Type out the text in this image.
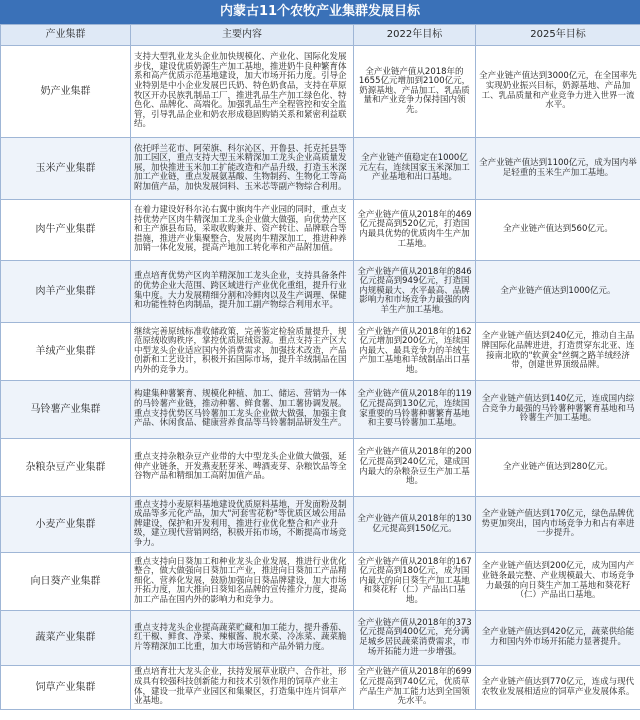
内蒙古11个农牧产业集群发展目标
产业集群	主要内容	2022年目标	2025年目标
奶产业集群	支持大型乳业龙头企业加快规模化、产业化、国际化发展步伐，建设优质奶源生产加工基地，推进奶牛良种繁育体系和高产优质示范基地建设，加大市场开拓力度。引导企业特别是中小企业发展巴氏奶、特色奶食品，支持在草原牧区开办民族乳制品工厂，推进乳品生产加工绿色化、特色化、品牌化、高端化。加强乳品生产全程管控和安全监管，引导乳品企业和奶农形成稳固购销关系和紧密利益联结。	全产业链产值从2018年的1655亿元增加到2100亿元，奶源基地、产品加工、乳品质量和产业竞争力保持国内领先。	全产业链产值达到3000亿元，在全国率先实现奶业振兴目标，奶源基地、产品加工、乳品质量和产业竞争力进入世界一流水平。
玉米产业集群	依托呼兰花市、阿荣旗、科尔沁区、开鲁县、托克托县等加工园区，重点支持大型玉米精深加工龙头企业高质量发展，加快推进玉米加工扩能改造和产品升级，打造玉米深加工产业链，重点发展氨基酸、生物制药、生物化工等高附加值产品，加快发展饲料、玉米芯等副产物综合利用。	全产业链产值稳定在1000亿元左右，连续国家玉米深加工产业基地和出口基地。	全产业链产值达到1100亿元，成为国内举足轻重的玉米生产加工基地。
肉牛产业集群	在着力建设好科尔沁右翼中旗肉牛产业园的同时，重点支持优势产区肉牛精深加工龙头企业做大做强，向优势产区和主产旗县布局，采取收购兼并、资产转让、品牌联合等措施，推进产业集聚整合，发展肉牛精深加工，推进种养加销一体化发展，提高产地加工转化率和产品附加值。	全产业链产值从2018年的469亿元提高到520亿元，打造国内最具优势的优质肉牛生产加工基地。	全产业链产值达到560亿元。
肉羊产业集群	重点培育优势产区肉羊精深加工龙头企业，支持具备条件的优势企业大范围、跨区域进行产业优化重组，提升行业集中度。大力发展精细分割和冷鲜肉以及生产调理、保健和功能性特色肉制品，提升加工副产物综合利用水平。	全产业链产值从2018年的846亿元提高到949亿元，打造国内规模最大、水平最高、品牌影响力和市场竞争力最强的肉羊生产加工基地。	全产业链产值达到1000亿元。
羊绒产业集群	继续完善原绒标准收储政策，完善鉴定检验质量提升，规范原绒收购秩序，掌控优质原绒资源。重点支持主产区大中型龙头企业适应国内外消费需求，加强技术改造，产品创新和工艺设计，积极开拓国际市场，提升羊绒制品在国内外的竞争力。	全产业链产值从2018年的162亿元增加到200亿元，连续国内最大、最具竞争力的羊绒生产加工基地和羊绒制品出口基地。	全产业链产值达到240亿元，推动自主品牌国际化品牌进进，打造贯穿东北亚、连接南北欧的"软黄金"丝绸之路羊绒经济带，创建世界顶级品牌。
马铃薯产业集群	构建集种薯繁育、规模化种植、加工、储运、营销为一体的马铃薯产业链，推动种薯、鲜食薯、加工薯协调发展。重点支持优势区马铃薯加工龙头企业做大做强，加强主食产品、休闲食品、健康营养食品等马铃薯制品研发生产。	全产业链产值从2018年的119亿元提高到130亿元，连续国家重要的马铃薯种薯繁育基地和主要马铃薯加工基地。	全产业链产值达到140亿元，连成国内综合竞争力最强的马铃薯种薯繁育基地和马铃薯生产加工基地。
杂粮杂豆产业集群	重点支持杂粮杂豆产业带的大中型龙头企业做大做强，延伸产业链条，开发燕麦胚芽米、啤酒麦芽、杂粮饮品等全谷物产品和精细加工高附加值产品。	全产业链产值从2018年的200亿元提高到240亿元，建成国内最大的杂粮杂豆生产加工基地。	全产业链产值达到280亿元。
小麦产业集群	重点支持小麦原料基地建设优质原料基地，开发面粉及制成品等多元化产品，加大"河套雪花粉"等优质区域公用品牌建设，保护和开发利用，推进行业优化整合和产业升级，建立现代营销网络，积极开拓市场，不断提高市场竞争力。	全产业链产值从2018年的130亿元提高到150亿元。	全产业链产值达到170亿元，绿色品牌优势更加突出，国内市场竞争力和占有率进一步提升。
向日葵产业集群	重点支持向日葵加工和种业龙头企业发展，推进行业优化整合，做大做强向日葵加工产业，推进向日葵加工产品精细化、营养化发展，鼓励加强向日葵品牌建设，加大市场开拓力度，加大推向日葵知名品牌的宣传推介力度，提高加工产品在国内外的影响力和竞争力。	全产业链产值从2018年的167亿元提高到180亿元，成为国内最大的向日葵生产加工基地和葵花籽（仁）产品出口基地。	全产业链产值达到200亿元，成为国内产业链条最完整、产业规模最大、市场竞争力最强的向日葵生产加工基地和葵花籽（仁）产品出口基地。
蔬菜产业集群	重点支持龙头企业提高蔬菜贮藏和加工能力，提升番茄、红干椒、鲜食、净菜、辣椒酱、脱水菜、冷冻菜、蔬菜脆片等精深加工比重，加大市场营销和产品外销力度。	全产业链产值从2018年的373亿元提高到400亿元，充分满足城乡居民蔬菜消费需求，市场开拓能力进一步增强。	全产业链产值达到420亿元，蔬菜供给能力和国内外市场开拓能力显著提升。
饲草产业集群	重点培育壮大龙头企业，扶持发展草业联户、合作社，形成具有较强科技创新能力和技术引领作用的饲草产业主体，建设一批草产业园区和集聚区，打造集中连片饲草产业基地。	全产业链产值从2018年的699亿元提高到740亿元，优质草产品生产加工能力达到全国领先水平。	全产业链产值达到770亿元，连成与现代农牧业发展相适应的饲草产业发展体系。
